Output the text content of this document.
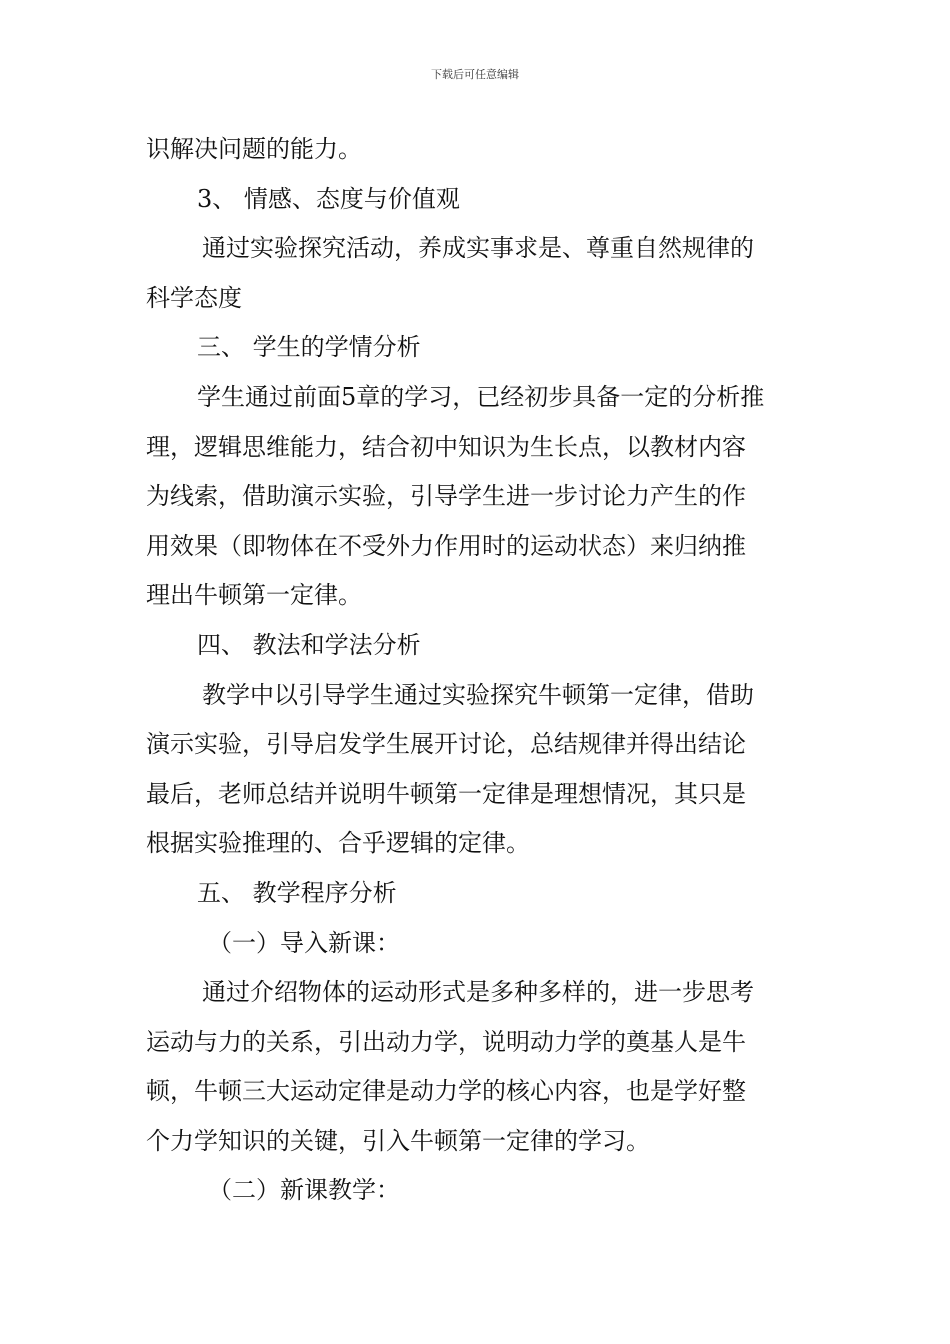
下载后可任意编辑
识解决问题的能力。
3、 情感、态度与价值观
通过实验探究活动，养成实事求是、尊重自然规律的
科学态度
三、 学生的学情分析
学生通过前面5章的学习，已经初步具备一定的分析推
理，逻辑思维能力，结合初中知识为生长点，以教材内容
为线索，借助演示实验，引导学生进一步讨论力产生的作
用效果（即物体在不受外力作用时的运动状态）来归纳推
理出牛顿第一定律。
四、 教法和学法分析
教学中以引导学生通过实验探究牛顿第一定律，借助
演示实验，引导启发学生展开讨论，总结规律并得出结论
最后，老师总结并说明牛顿第一定律是理想情况，其只是
根据实验推理的、合乎逻辑的定律。
五、 教学程序分析
（一）导入新课：
通过介绍物体的运动形式是多种多样的，进一步思考
运动与力的关系，引出动力学，说明动力学的奠基人是牛
顿，牛顿三大运动定律是动力学的核心内容，也是学好整
个力学知识的关键，引入牛顿第一定律的学习。
（二）新课教学：
